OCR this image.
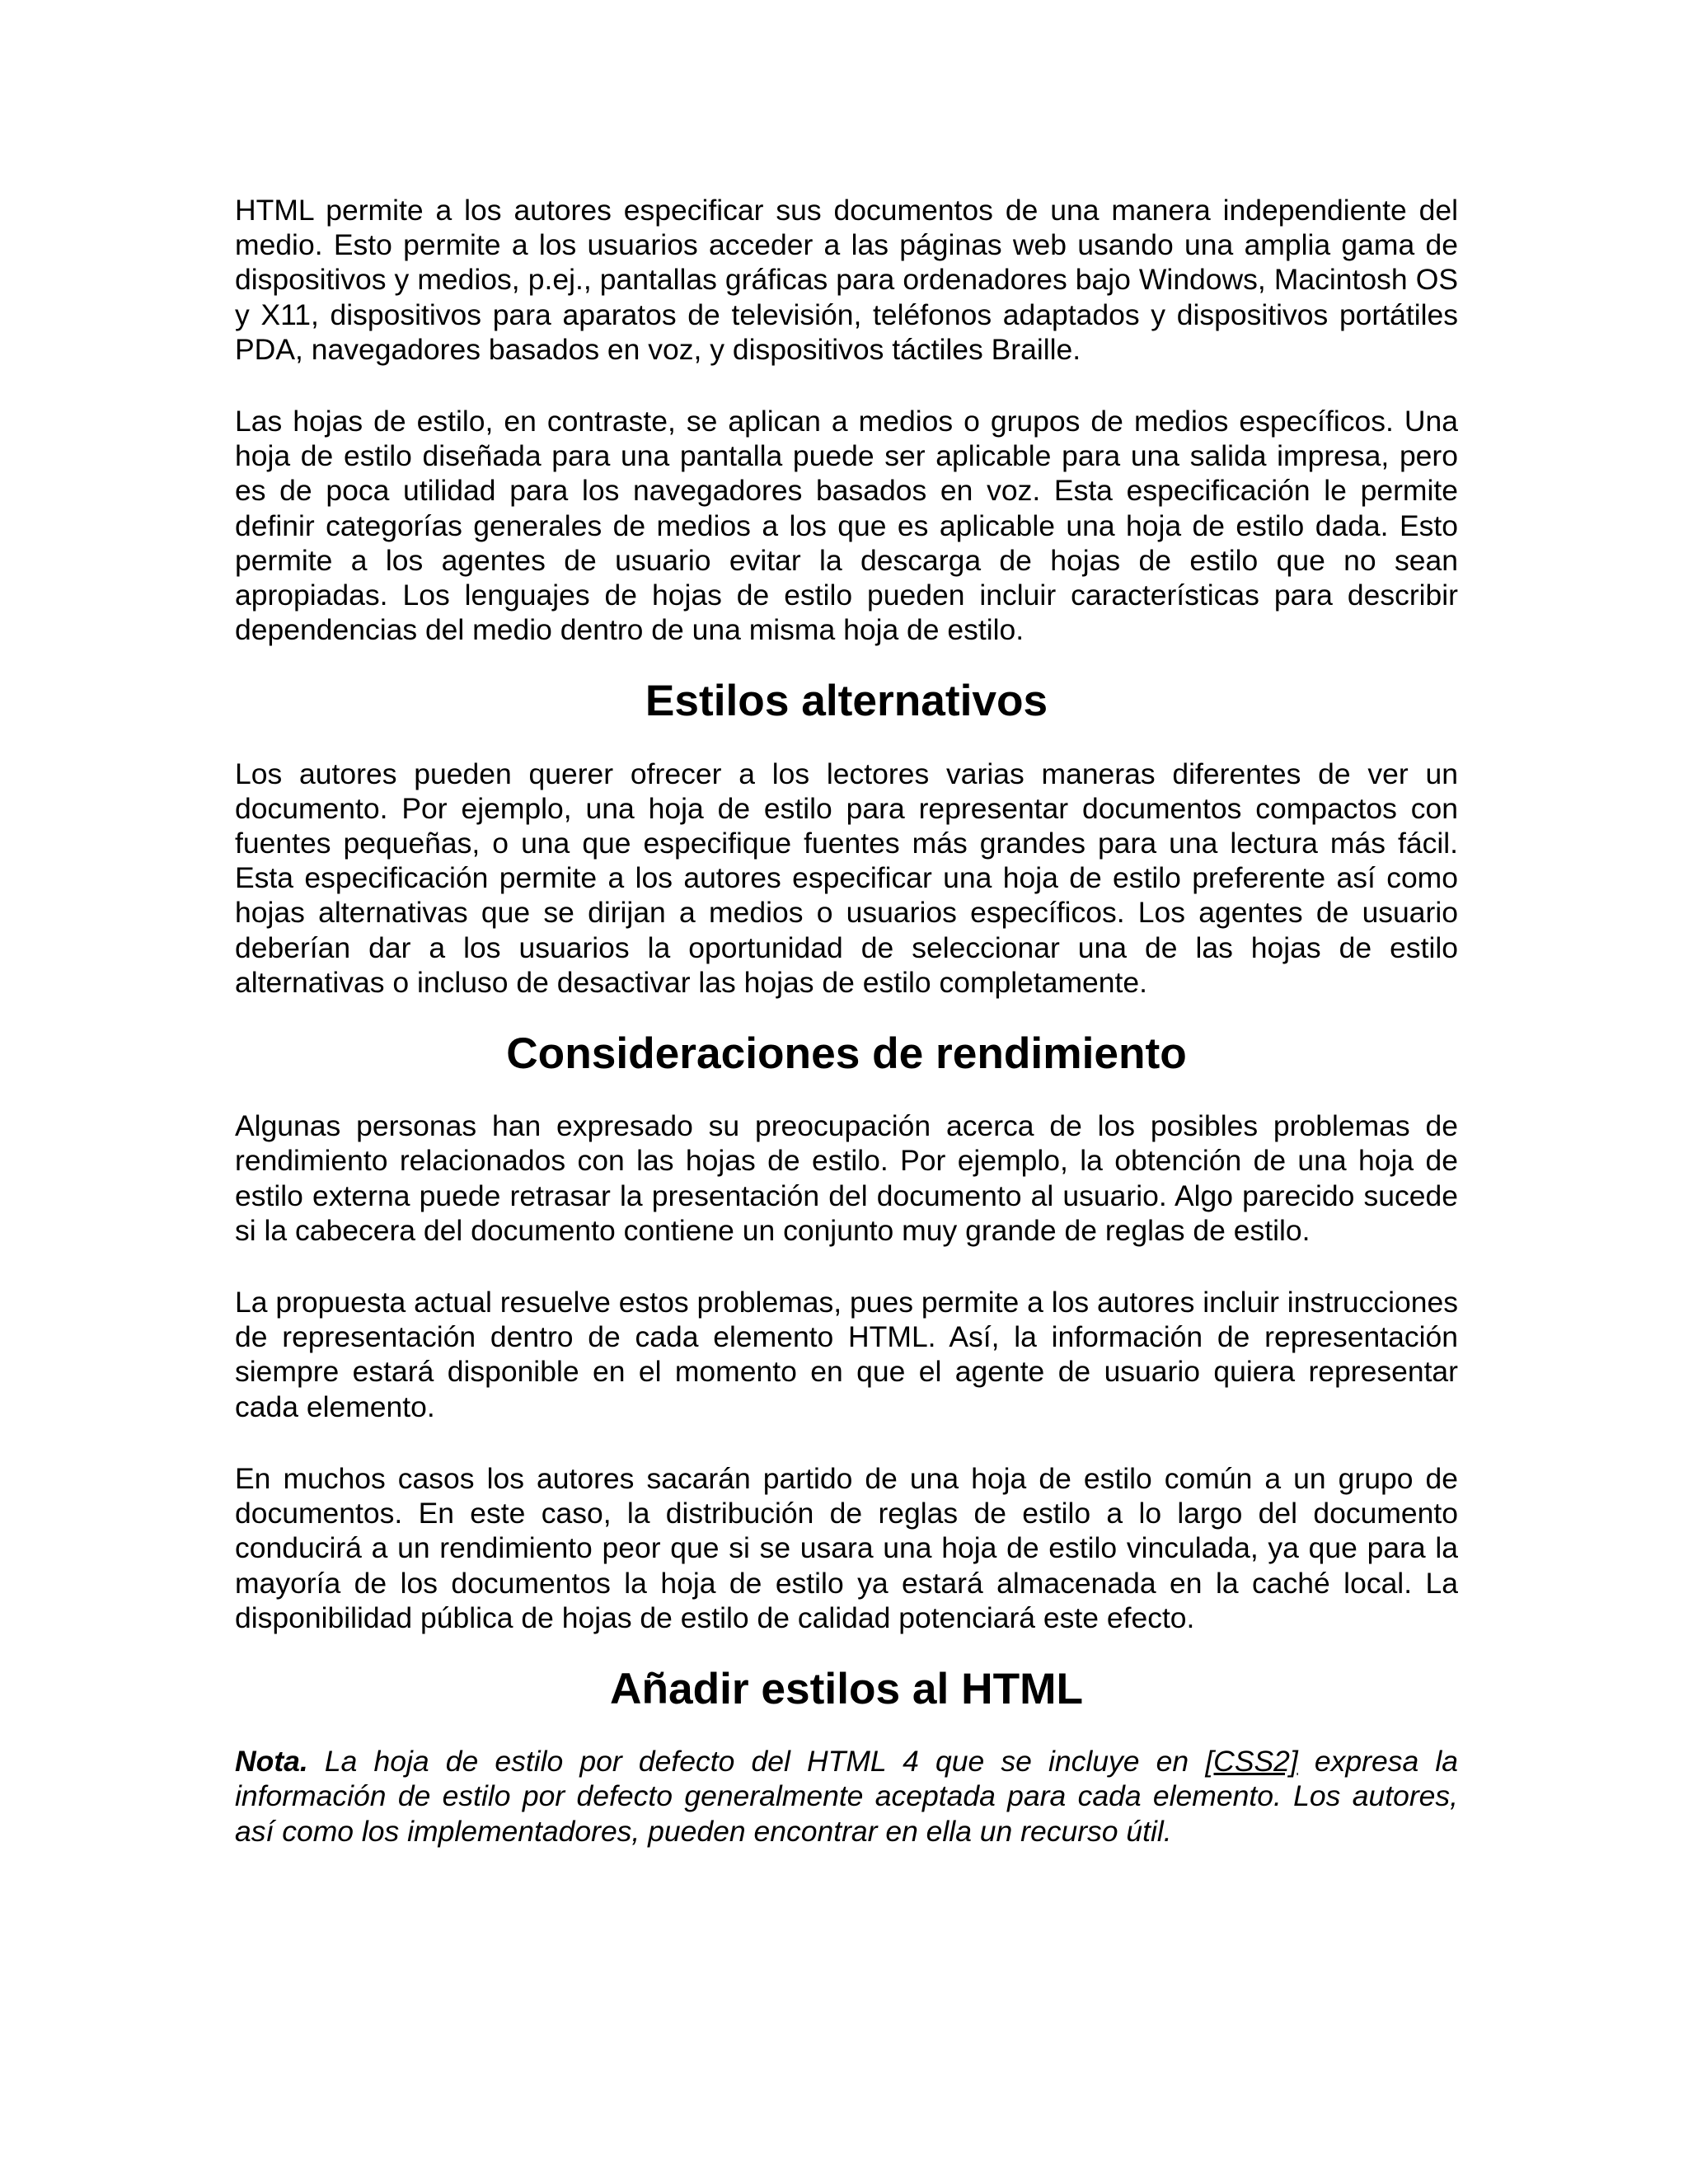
HTML permite a los autores especificar sus documentos de una manera independiente del medio. Esto permite a los usuarios acceder a las páginas web usando una amplia gama de dispositivos y medios, p.ej., pantallas gráficas para ordenadores bajo Windows, Macintosh OS y X11, dispositivos para aparatos de televisión, teléfonos adaptados y dispositivos portátiles PDA, navegadores basados en voz, y dispositivos táctiles Braille.

Las hojas de estilo, en contraste, se aplican a medios o grupos de medios específicos. Una hoja de estilo diseñada para una pantalla puede ser aplicable para una salida impresa, pero es de poca utilidad para los navegadores basados en voz. Esta especificación le permite definir categorías generales de medios a los que es aplicable una hoja de estilo dada. Esto permite a los agentes de usuario evitar la descarga de hojas de estilo que no sean apropiadas. Los lenguajes de hojas de estilo pueden incluir características para describir dependencias del medio dentro de una misma hoja de estilo.

Estilos alternativos

Los autores pueden querer ofrecer a los lectores varias maneras diferentes de ver un documento. Por ejemplo, una hoja de estilo para representar documentos compactos con fuentes pequeñas, o una que especifique fuentes más grandes para una lectura más fácil. Esta especificación permite a los autores especificar una hoja de estilo preferente así como hojas alternativas que se dirijan a medios o usuarios específicos. Los agentes de usuario deberían dar a los usuarios la oportunidad de seleccionar una de las hojas de estilo alternativas o incluso de desactivar las hojas de estilo completamente.

Consideraciones de rendimiento

Algunas personas han expresado su preocupación acerca de los posibles problemas de rendimiento relacionados con las hojas de estilo. Por ejemplo, la obtención de una hoja de estilo externa puede retrasar la presentación del documento al usuario. Algo parecido sucede si la cabecera del documento contiene un conjunto muy grande de reglas de estilo.

La propuesta actual resuelve estos problemas, pues permite a los autores incluir instrucciones de representación dentro de cada elemento HTML. Así, la información de representación siempre estará disponible en el momento en que el agente de usuario quiera representar cada elemento.

En muchos casos los autores sacarán partido de una hoja de estilo común a un grupo de documentos. En este caso, la distribución de reglas de estilo a lo largo del documento conducirá a un rendimiento peor que si se usara una hoja de estilo vinculada, ya que para la mayoría de los documentos la hoja de estilo ya estará almacenada en la caché local. La disponibilidad pública de hojas de estilo de calidad potenciará este efecto.

Añadir estilos al HTML

Nota. La hoja de estilo por defecto del HTML 4 que se incluye en [CSS2] expresa la información de estilo por defecto generalmente aceptada para cada elemento. Los autores, así como los implementadores, pueden encontrar en ella un recurso útil.
